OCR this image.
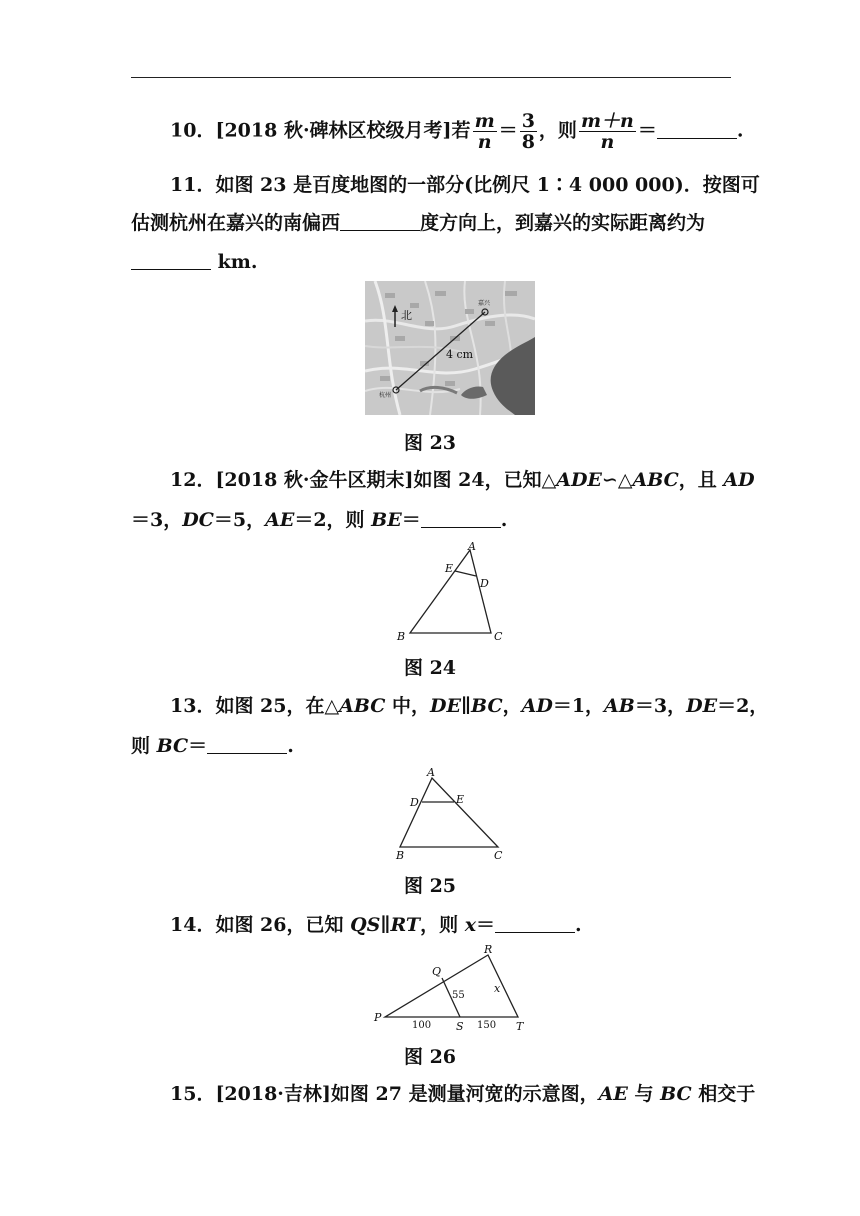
10．[2018 秋·碑林区校级月考]若 $\frac{m}{n} = \frac{3}{8}$ ，则 $\frac{m+n}{n}$ ＝	.
11．如图 23 是百度地图的一部分(比例尺 1∶4 000 000)．按图可
估测杭州在嘉兴的南偏西	度方向上，到嘉兴的实际距离约为
km.
北
嘉兴
杭州
4 cm
图 23
12．[2018 秋·金牛区期末]如图 24，已知△ADE∽△ABC，且 AD
＝3，DC＝5，AE＝2，则 BE＝	.
A
E
D
B	C
图 24
13．如图 25，在△ABC 中，DE∥BC，AD＝1，AB＝3，DE＝2，
则 BC＝	.
A
D	E
B	C
图 25
14．如图 26，已知 QS∥RT，则 x＝	.
P
Q
R
S	T
x
55
100	150
图 26
15．[2018·吉林]如图 27 是测量河宽的示意图，AE 与 BC 相交于
